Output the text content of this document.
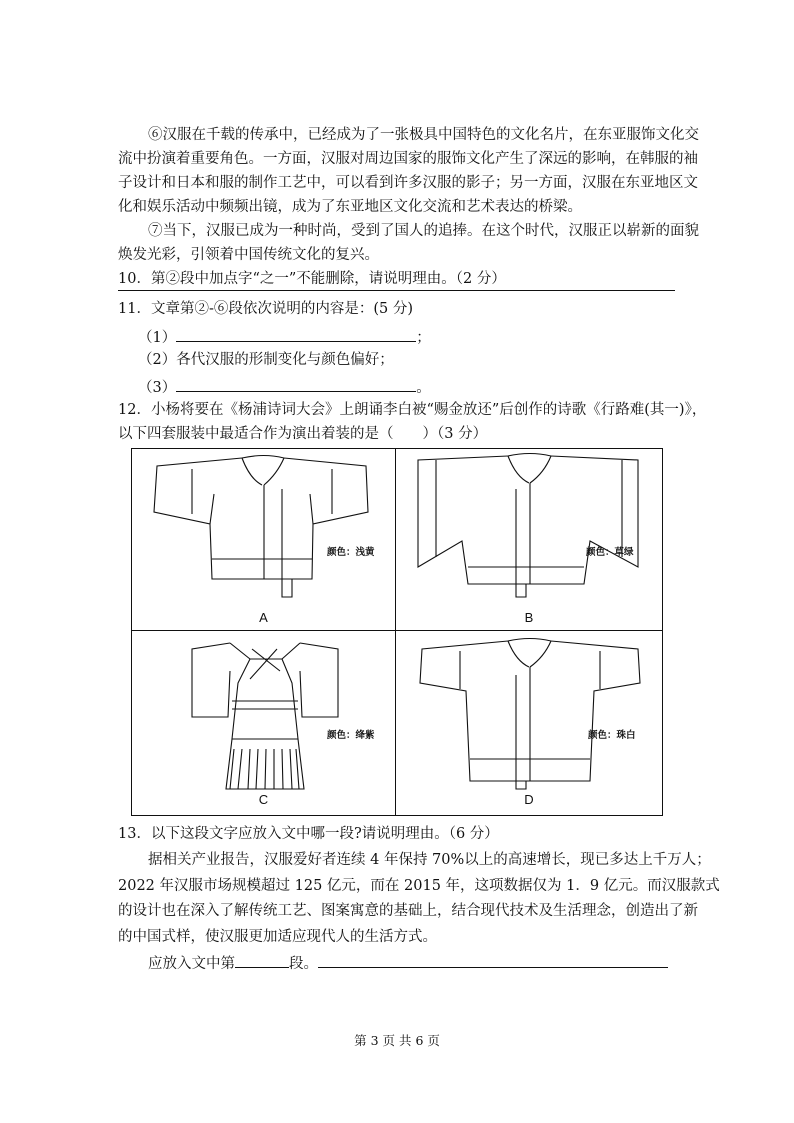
⑥汉服在千载的传承中，已经成为了一张极具中国特色的文化名片，在东亚服饰文化交
流中扮演着重要角色。一方面，汉服对周边国家的服饰文化产生了深远的影响，在韩服的袖
子设计和日本和服的制作工艺中，可以看到许多汉服的影子；另一方面，汉服在东亚地区文
化和娱乐活动中频频出镜，成为了东亚地区文化交流和艺术表达的桥梁。
⑦当下，汉服已成为一种时尚，受到了国人的追捧。在这个时代，汉服正以崭新的面貌
焕发光彩，引领着中国传统文化的复兴。
10．第②段中加点字“之一”不能删除，请说明理由。（2 分）
11．文章第②-⑥段依次说明的内容是：(5 分)
（1）	；
（2）各代汉服的形制变化与颜色偏好；
（3）	。
12．小杨将要在《杨浦诗词大会》上朗诵李白被“赐金放还”后创作的诗歌《行路难(其一)》，
以下四套服装中最适合作为演出着装的是（　　）（3 分）
颜色：浅黄
A
颜色：草绿
B
颜色：绛紫
C
颜色：珠白
D
13．以下这段文字应放入文中哪一段?请说明理由。（6 分）
据相关产业报告，汉服爱好者连续 4 年保持 70%以上的高速增长，现已多达上千万人；
2022 年汉服市场规模超过 125 亿元，而在 2015 年，这项数据仅为 1．9 亿元。而汉服款式
的设计也在深入了解传统工艺、图案寓意的基础上，结合现代技术及生活理念，创造出了新
的中国式样，使汉服更加适应现代人的生活方式。
应放入文中第	段。
第 3 页 共 6 页
